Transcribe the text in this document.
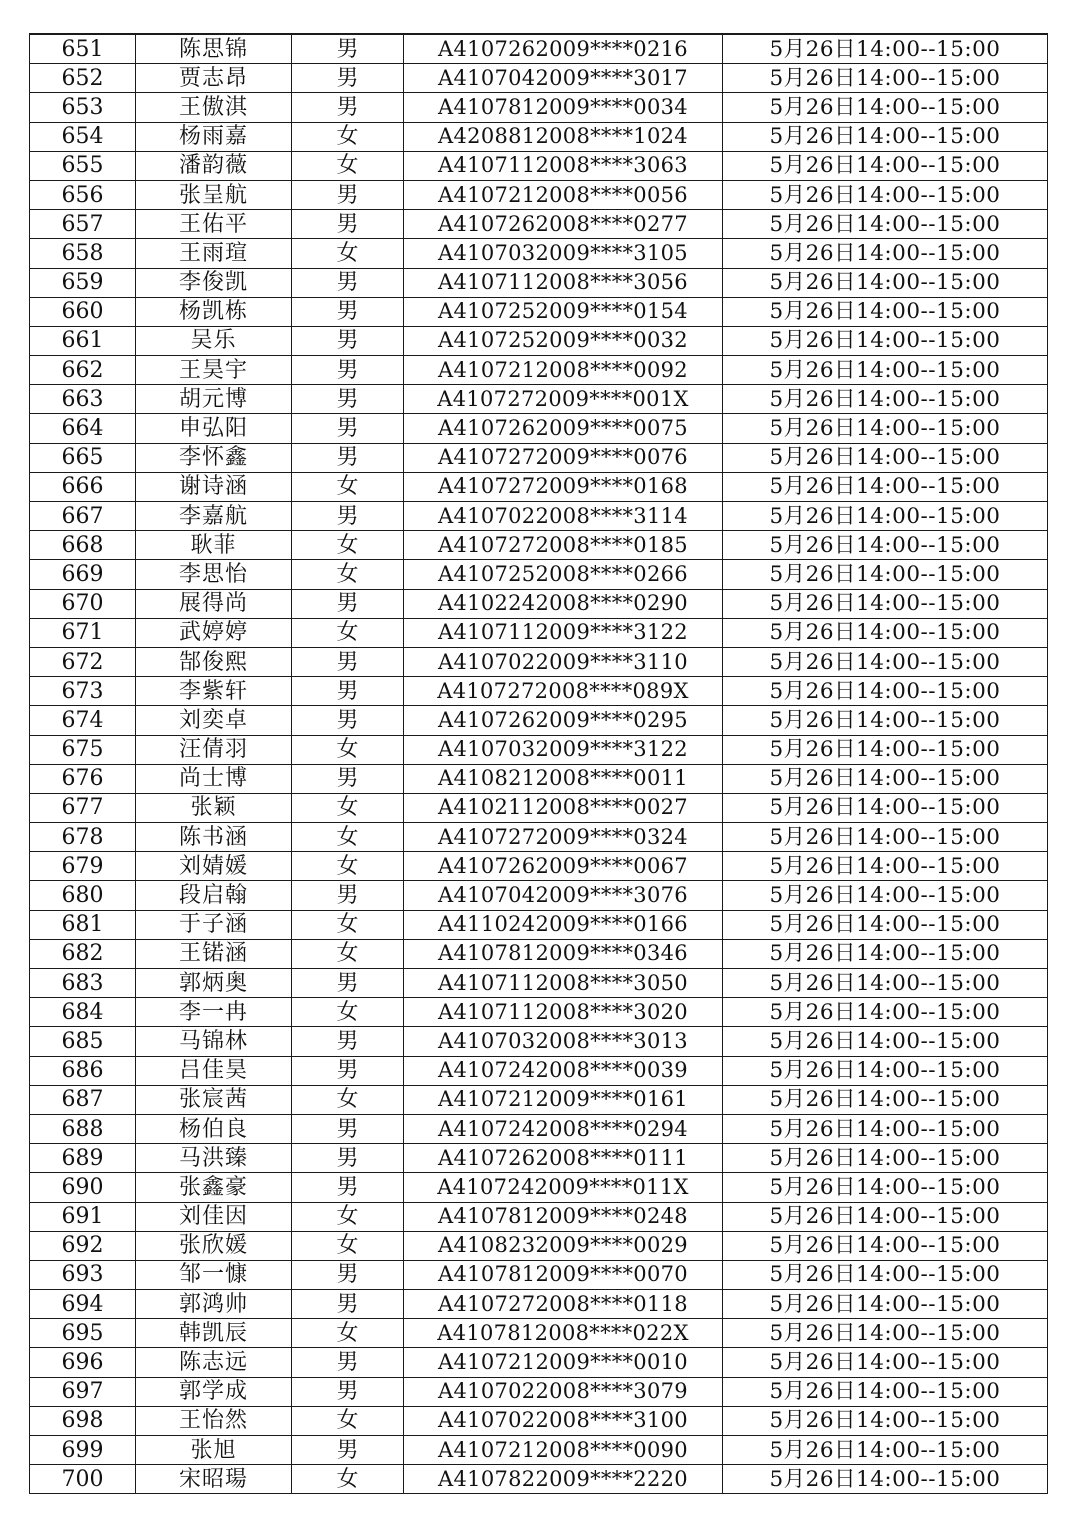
651	陈思锦	男	A4107262009****0216	5月26日14:00--15:00
652	贾志昂	男	A4107042009****3017	5月26日14:00--15:00
653	王傲淇	男	A4107812009****0034	5月26日14:00--15:00
654	杨雨嘉	女	A4208812008****1024	5月26日14:00--15:00
655	潘韵薇	女	A4107112008****3063	5月26日14:00--15:00
656	张呈航	男	A4107212008****0056	5月26日14:00--15:00
657	王佑平	男	A4107262008****0277	5月26日14:00--15:00
658	王雨瑄	女	A4107032009****3105	5月26日14:00--15:00
659	李俊凯	男	A4107112008****3056	5月26日14:00--15:00
660	杨凯栋	男	A4107252009****0154	5月26日14:00--15:00
661	吴乐	男	A4107252009****0032	5月26日14:00--15:00
662	王昊宇	男	A4107212008****0092	5月26日14:00--15:00
663	胡元博	男	A4107272009****001X	5月26日14:00--15:00
664	申弘阳	男	A4107262009****0075	5月26日14:00--15:00
665	李怀鑫	男	A4107272009****0076	5月26日14:00--15:00
666	谢诗涵	女	A4107272009****0168	5月26日14:00--15:00
667	李嘉航	男	A4107022008****3114	5月26日14:00--15:00
668	耿菲	女	A4107272008****0185	5月26日14:00--15:00
669	李思怡	女	A4107252008****0266	5月26日14:00--15:00
670	展得尚	男	A4102242008****0290	5月26日14:00--15:00
671	武婷婷	女	A4107112009****3122	5月26日14:00--15:00
672	郜俊熙	男	A4107022009****3110	5月26日14:00--15:00
673	李紫轩	男	A4107272008****089X	5月26日14:00--15:00
674	刘奕卓	男	A4107262009****0295	5月26日14:00--15:00
675	汪倩羽	女	A4107032009****3122	5月26日14:00--15:00
676	尚士博	男	A4108212008****0011	5月26日14:00--15:00
677	张颖	女	A4102112008****0027	5月26日14:00--15:00
678	陈书涵	女	A4107272009****0324	5月26日14:00--15:00
679	刘婧媛	女	A4107262009****0067	5月26日14:00--15:00
680	段启翰	男	A4107042009****3076	5月26日14:00--15:00
681	于子涵	女	A4110242009****0166	5月26日14:00--15:00
682	王锘涵	女	A4107812009****0346	5月26日14:00--15:00
683	郭炳奥	男	A4107112008****3050	5月26日14:00--15:00
684	李一冉	女	A4107112008****3020	5月26日14:00--15:00
685	马锦林	男	A4107032008****3013	5月26日14:00--15:00
686	吕佳昊	男	A4107242008****0039	5月26日14:00--15:00
687	张宸茜	女	A4107212009****0161	5月26日14:00--15:00
688	杨伯良	男	A4107242008****0294	5月26日14:00--15:00
689	马洪臻	男	A4107262008****0111	5月26日14:00--15:00
690	张鑫豪	男	A4107242009****011X	5月26日14:00--15:00
691	刘佳因	女	A4107812009****0248	5月26日14:00--15:00
692	张欣媛	女	A4108232009****0029	5月26日14:00--15:00
693	邹一慷	男	A4107812009****0070	5月26日14:00--15:00
694	郭鸿帅	男	A4107272008****0118	5月26日14:00--15:00
695	韩凯辰	女	A4107812008****022X	5月26日14:00--15:00
696	陈志远	男	A4107212009****0010	5月26日14:00--15:00
697	郭学成	男	A4107022008****3079	5月26日14:00--15:00
698	王怡然	女	A4107022008****3100	5月26日14:00--15:00
699	张旭	男	A4107212008****0090	5月26日14:00--15:00
700	宋昭瑒	女	A4107822009****2220	5月26日14:00--15:00
